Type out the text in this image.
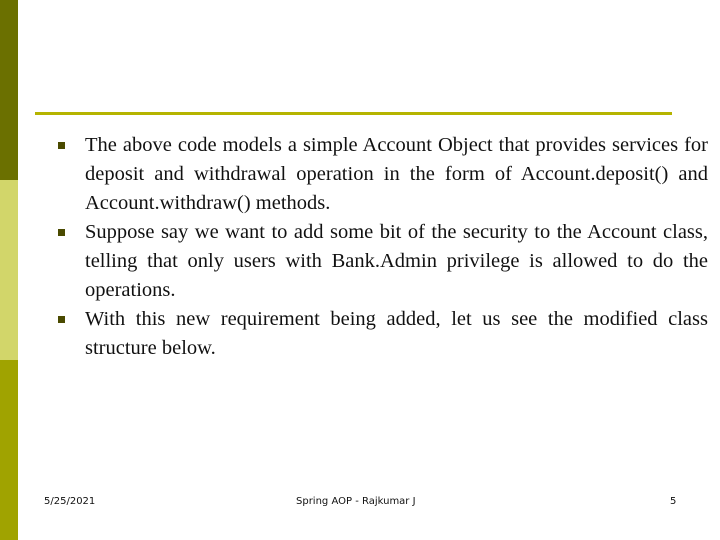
The above code models a simple Account Object that provides services for deposit and withdrawal operation in the form of Account.deposit() and Account.withdraw() methods.
Suppose say we want to add some bit of the security to the Account class, telling that only users with Bank.Admin privilege is allowed to do the operations.
With this new requirement being added, let us see the modified class structure below.
5/25/2021	Spring AOP - Rajkumar J	5
